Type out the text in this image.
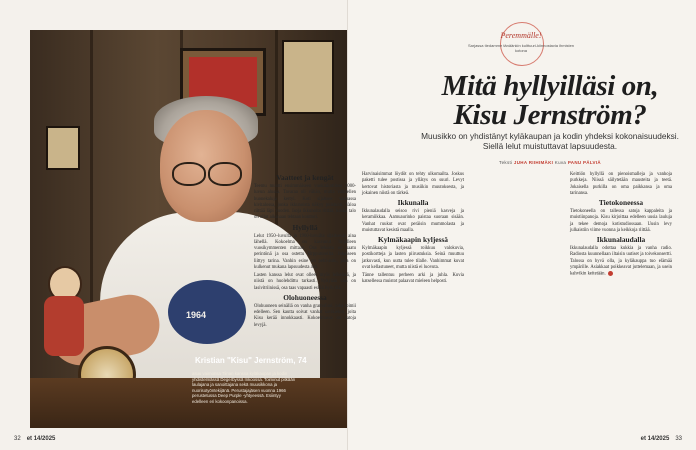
1964
Kristian "Kisu" Jernström, 74
asuu vaimonsa Tiinan kanssa kyläkaupan ja kodin yhdistelmässä Degerbyssä Inkoossa. Toiminut pitkään laulajana ja sanoittajana sekä muusikkona ja nuorisotyöntekijänä. Perustajajäsen vuonna 1966 perustetussa Deep Purple -yhtyeessä. Esiintyy edelleen eri kokoonpanoissa.
32 et 14/2025
Peremmälle!
Sarjassa tiedamme tänäänkin kulttuuri-kiinnostavia ihmisten kotona
Mitä hyllyilläsi on,
Kisu Jernström?
Muusikko on yhdistänyt kyläkaupan ja kodin yhdeksi kokonaisuudeksi. Siellä lelut muistuttavat lapsuudesta.
Teksti JUHA RIIHIMÄKI Kuva PANU PÄLVIÄ
et 14/2025 33
Vaatteet ja kengät

Teemu muutti ensimmäiseen vuokrakotiinsa 2000-luvun alussa. Tavaraa oli vähän, mutta vähitellen huonekaluja kertyi. Koti sijaitsee vanhassa kivitalossa, jonka ikkunoista näkyy puistoon. Valoa riittää läpi vuoden. Isoja ikkunoita riittää, koska talo on ollut aikanaan tehtaan konttori.

Hyllyllä

Lelut 1950–luvulta ja 1960-luvuilta sijaitsevat aina lähellä. Kokoelma on kasvanut hiljalleen vuosikymmenten mittaan. Osa leluista on saatu perintönä ja osa ostettu kirpputoreilta. Jokaiseen liittyy tarina. Vanhin esine on pelti-auto, joka on kulkenut mukana lapsuudesta asti.

Lasten kanssa lelut ovat olleet myös leikeissä, ja niistä on huolehdittu tarkasti. Nykyään osa on lasivitriinissä, osa taas vapaasti esillä hyllyillä.

Olohuoneessa

Olohuoneen seinällä on vanha gramofoni, joka toimii edelleen. Sen kautta soivat vanhat savikiekot, joita Kisu kerää innokkaasti. Kokoelmassa on satoja levyjä.

Harvinaisimmat löydöt on tehty ulkomailta. Joskus paketti tulee postissa ja yllätys on suuri. Levyt kertovat historiasta ja musiikin muutoksesta, ja jokainen niistä on tärkeä.

Ikkunalla

Ikkunalaudalla seisoo rivi pieniä kasveja ja keramiikkaa. Aamuaurinko paistaa suoraan sisään. Vanhat ruukut ovat peräisin mummolasta ja muistuttavat kesistä maalla.

Kylmäkaapin kyljessä

Kylmäkaapin kyljessä roikkuu valokuvia, postikortteja ja lasten piirustuksia. Seinä muuttuu jatkuvasti, kun uutta tulee tilalle. Vanhimmat kuvat ovat kellastuneet, mutta niistä ei luovuta.

Tänne tallentuu perheen arki ja juhla. Kuvia katsellessa muistot palaavat mieleen helposti.

Keittiön hyllyllä on pienoismalleja ja vanhoja purkkeja. Niissä säilytetään mausteita ja teetä. Jokaisella purkilla on oma paikkansa ja oma tarinansa.

Tietokoneessa

Tietokoneella on tallessa satoja kappaleita ja muistiinpanoja. Kisu kirjoittaa edelleen uusia lauluja ja tekee demoja kotistudiossaan. Uusin levy julkaistiin viime vuonna ja keikkoja riittää.

Ikkunalaudalla

Ikkunalaudalla odottaa kukkia ja vanha radio. Radiosta kuunnellaan iltaisin uutiset ja toivekonsertti. Talossa on hyvä olla, ja kyläkauppa tuo elämää ympärille. Asiakkaat poikkeavat juttelemaan, ja usein kahvikin keitetään.
